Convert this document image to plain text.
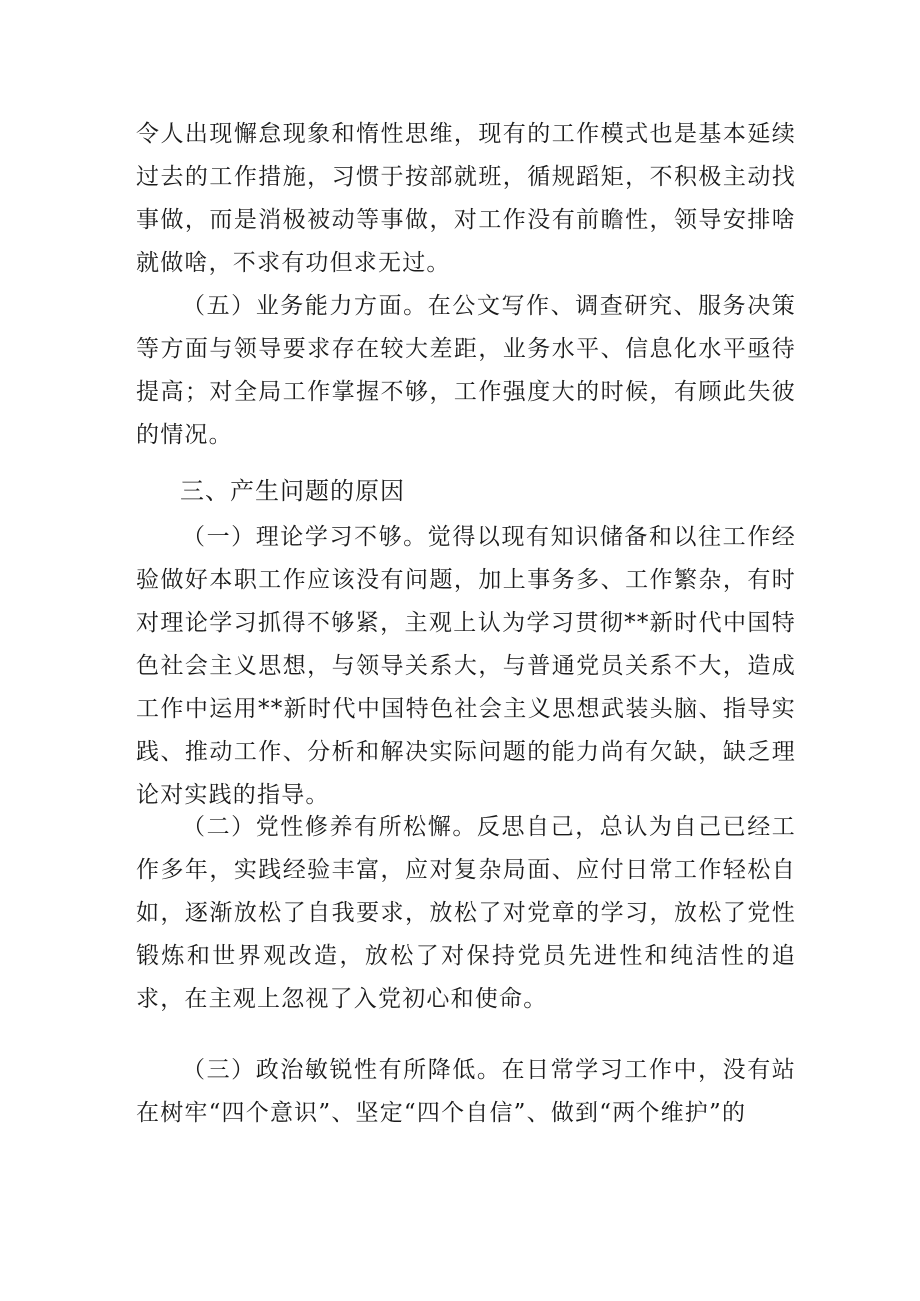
令人出现懈怠现象和惰性思维，现有的工作模式也是基本延续过去的工作措施，习惯于按部就班，循规蹈矩，不积极主动找事做，而是消极被动等事做，对工作没有前瞻性，领导安排啥就做啥，不求有功但求无过。

（五）业务能力方面。在公文写作、调查研究、服务决策等方面与领导要求存在较大差距，业务水平、信息化水平亟待提高；对全局工作掌握不够，工作强度大的时候，有顾此失彼的情况。

三、产生问题的原因

（一）理论学习不够。觉得以现有知识储备和以往工作经验做好本职工作应该没有问题，加上事务多、工作繁杂，有时对理论学习抓得不够紧，主观上认为学习贯彻**新时代中国特色社会主义思想，与领导关系大，与普通党员关系不大，造成工作中运用**新时代中国特色社会主义思想武装头脑、指导实践、推动工作、分析和解决实际问题的能力尚有欠缺，缺乏理论对实践的指导。

（二）党性修养有所松懈。反思自己，总认为自己已经工作多年，实践经验丰富，应对复杂局面、应付日常工作轻松自如，逐渐放松了自我要求，放松了对党章的学习，放松了党性锻炼和世界观改造，放松了对保持党员先进性和纯洁性的追求，在主观上忽视了入党初心和使命。

（三）政治敏锐性有所降低。在日常学习工作中，没有站在树牢“四个意识”、坚定“四个自信”、做到“两个维护”的
